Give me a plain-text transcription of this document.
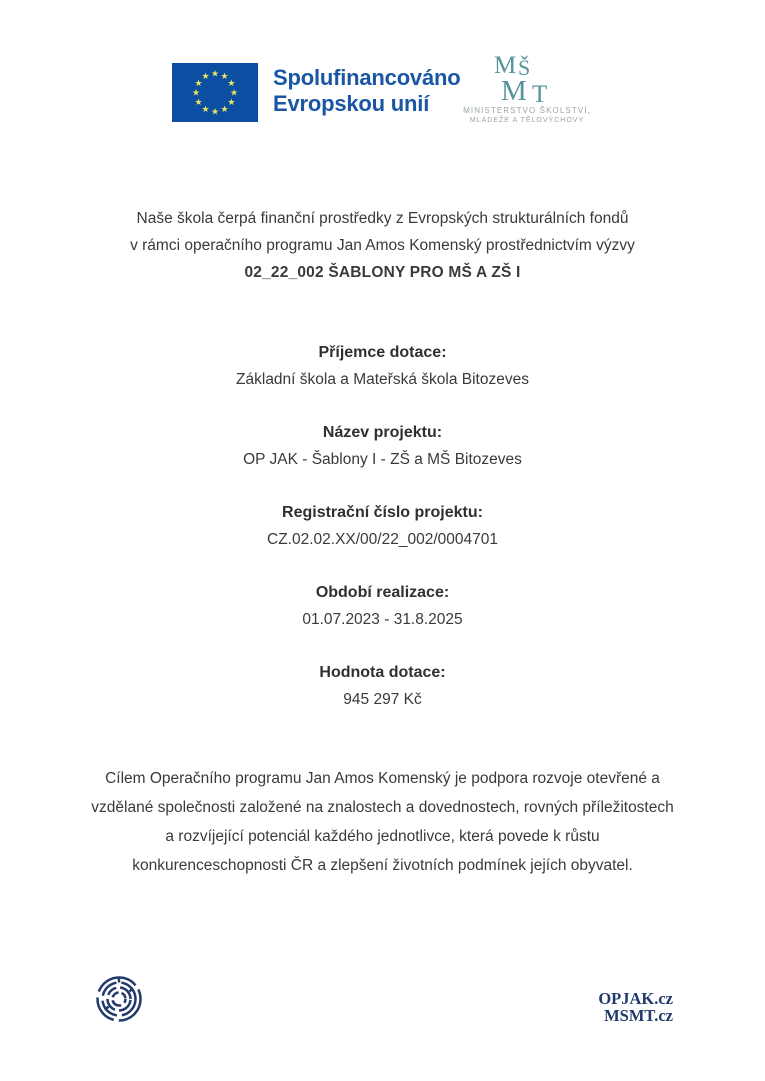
★ ★
★
★
★
★
★
★
★
★
★
★	Spolufinancováno
Evropskou unií
M Š
M T
MINISTERSTVO ŠKOLSTVÍ,
MLÁDEŽE A TĚLOVÝCHOVY

Naše škola čerpá finanční prostředky z Evropských strukturálních fondů

v rámci operačního programu Jan Amos Komenský prostřednictvím výzvy

02_22_002 ŠABLONY PRO MŠ A ZŠ I

Příjemce dotace:

Základní škola a Mateřská škola Bitozeves

Název projektu:

OP JAK - Šablony I - ZŠ a MŠ Bitozeves

Registrační číslo projektu:

CZ.02.02.XX/00/22_002/0004701

Období realizace:

01.07.2023 - 31.8.2025

Hodnota dotace:

945 297 Kč

Cílem Operačního programu Jan Amos Komenský je podpora rozvoje otevřené a

vzdělané společnosti založené na znalostech a dovednostech, rovných příležitostech

a rozvíjející potenciál každého jednotlivce, která povede k růstu

konkurenceschopnosti ČR a zlepšení životních podmínek jejích obyvatel.

OPJAK.cz
MSMT.cz
